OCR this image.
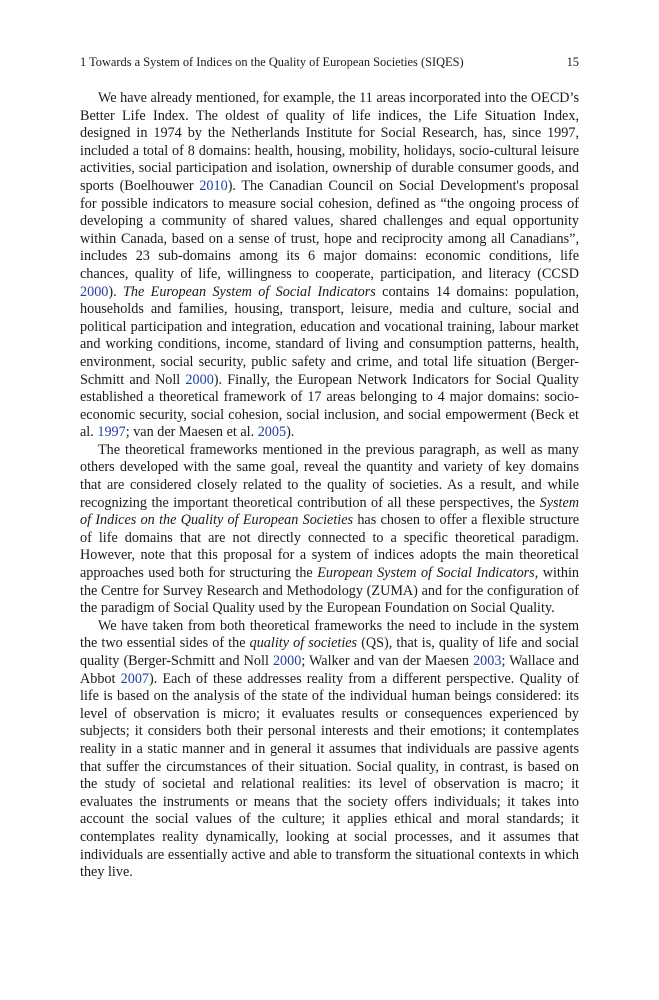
1 Towards a System of Indices on the Quality of European Societies (SIQES)	15

We have already mentioned, for example, the 11 areas incorporated into the OECD’s Better Life Index. The oldest of quality of life indices, the Life Situation Index, designed in 1974 by the Netherlands Institute for Social Research, has, since 1997, included a total of 8 domains: health, housing, mobility, holidays, socio-cultural leisure activities, social participation and isolation, ownership of durable consumer goods, and sports (Boelhouwer 2010). The Canadian Council on Social Development's proposal for possible indicators to measure social cohesion, defined as “the ongoing process of developing a community of shared values, shared challenges and equal opportunity within Canada, based on a sense of trust, hope and reciprocity among all Canadians”, includes 23 sub-domains among its 6 major domains: economic conditions, life chances, quality of life, willingness to cooperate, participation, and literacy (CCSD 2000). The European System of Social Indicators contains 14 domains: population, households and families, housing, transport, leisure, media and culture, social and political participation and integration, education and vocational training, labour market and working conditions, income, standard of living and consumption patterns, health, environment, social security, public safety and crime, and total life situation (Berger-Schmitt and Noll 2000). Finally, the European Network Indicators for Social Quality established a theoretical framework of 17 areas belonging to 4 major domains: socio-economic security, social cohesion, social inclusion, and social empowerment (Beck et al. 1997; van der Maesen et al. 2005).

The theoretical frameworks mentioned in the previous paragraph, as well as many others developed with the same goal, reveal the quantity and variety of key domains that are considered closely related to the quality of societies. As a result, and while recognizing the important theoretical contribution of all these perspectives, the System of Indices on the Quality of European Societies has chosen to offer a flexible structure of life domains that are not directly connected to a specific theoretical paradigm. However, note that this proposal for a system of indices adopts the main theoretical approaches used both for structuring the European System of Social Indicators, within the Centre for Survey Research and Methodology (ZUMA) and for the configuration of the paradigm of Social Quality used by the European Foundation on Social Quality.

We have taken from both theoretical frameworks the need to include in the system the two essential sides of the quality of societies (QS), that is, quality of life and social quality (Berger-Schmitt and Noll 2000; Walker and van der Maesen 2003; Wallace and Abbot 2007). Each of these addresses reality from a different perspective. Quality of life is based on the analysis of the state of the individual human beings considered: its level of observation is micro; it evaluates results or consequences experienced by subjects; it considers both their personal interests and their emotions; it contemplates reality in a static manner and in general it assumes that individuals are passive agents that suffer the circumstances of their situation. Social quality, in contrast, is based on the study of societal and relational realities: its level of observation is macro; it evaluates the instruments or means that the society offers individuals; it takes into account the social values of the culture; it applies ethical and moral standards; it contemplates reality dynamically, looking at social processes, and it assumes that individuals are essentially active and able to transform the situational contexts in which they live.
